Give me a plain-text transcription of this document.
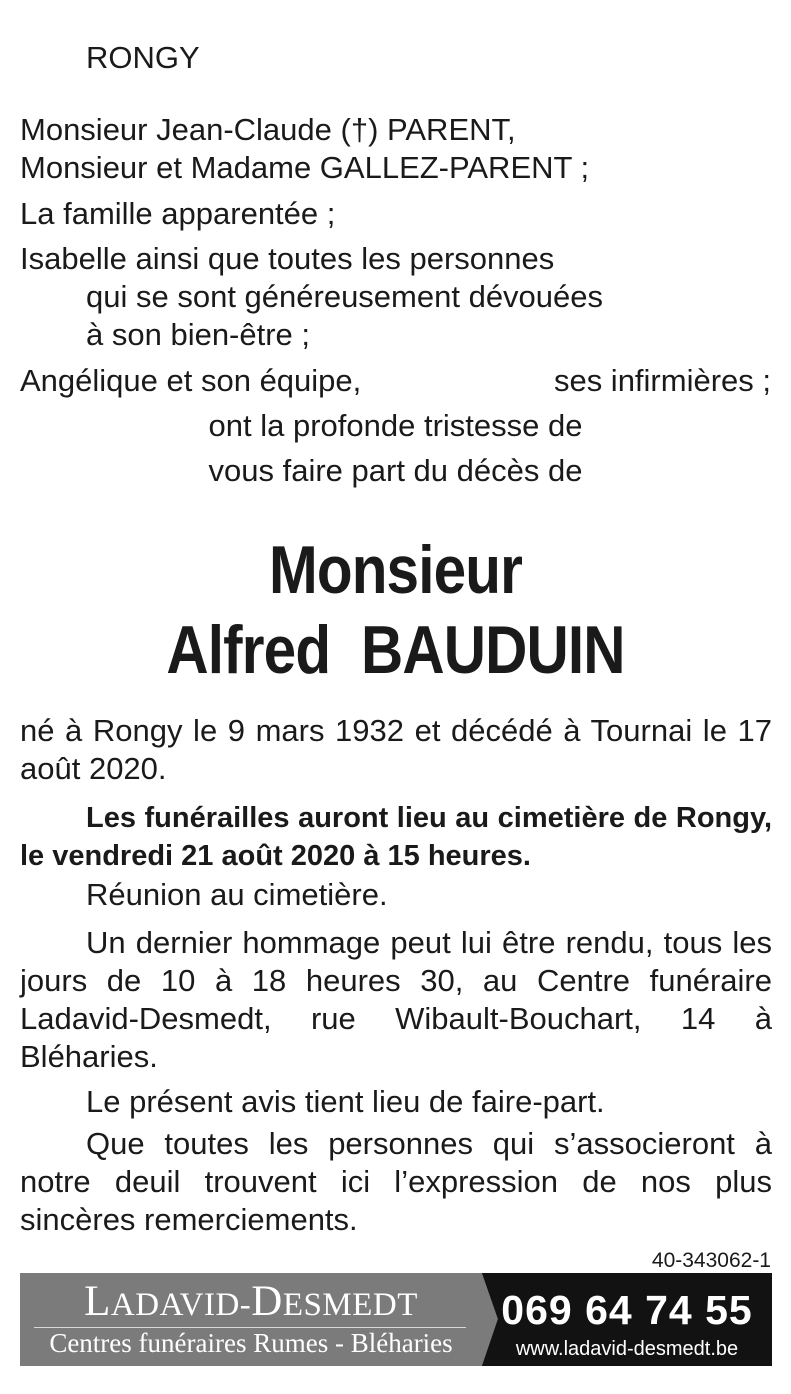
RONGY
Monsieur Jean-Claude (†) PARENT,
Monsieur et Madame GALLEZ-PARENT ;
La famille apparentée ;
Isabelle ainsi que toutes les personnes
qui se sont généreusement dévouées
à son bien-être ;
Angélique et son équipe,	ses infirmières ;
ont la profonde tristesse de
vous faire part du décès de
Monsieur
Alfred  BAUDUIN
né à Rongy le 9 mars 1932 et décédé à Tournai le 17 août 2020.
Les funérailles auront lieu au cimetière de Rongy, le vendredi 21 août 2020 à 15 heures.
Réunion au cimetière.
Un dernier hommage peut lui être rendu, tous les jours de 10 à 18 heures 30, au Centre funéraire Ladavid-Desmedt, rue Wibault-Bouchart, 14 à Bléharies.
Le présent avis tient lieu de faire-part.
Que toutes les personnes qui s’associeront à notre deuil trouvent ici l’expression de nos plus sincères remerciements.
40-343062-1
LADAVID-DESMEDT
Centres funéraires Rumes - Bléharies
069 64 74 55
www.ladavid-desmedt.be
